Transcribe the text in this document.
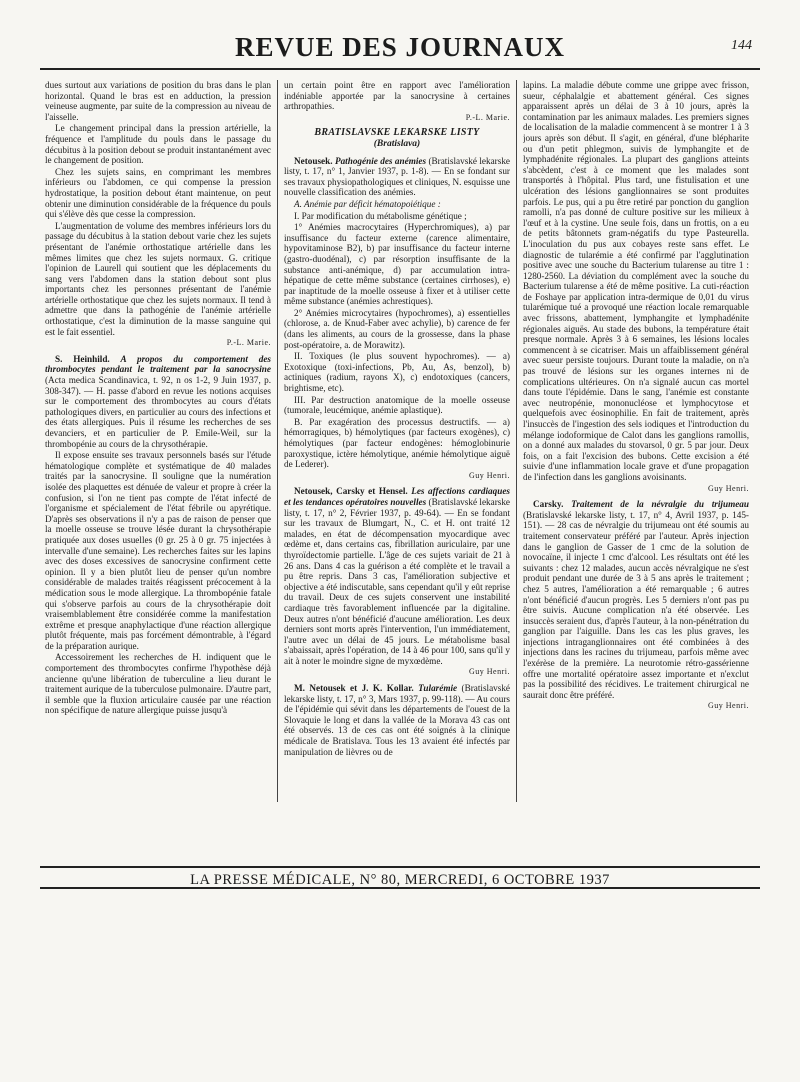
REVUE DES JOURNAUX	144

dues surtout aux variations de position du bras dans le plan horizontal. Quand le bras est en adduction, la pression veineuse augmente, par suite de la compression au niveau de l'aisselle.

Le changement principal dans la pression artérielle, la fréquence et l'amplitude du pouls dans le passage du décubitus à la position debout se produit instantanément avec le changement de position.

Chez les sujets sains, en comprimant les membres inférieurs ou l'abdomen, ce qui compense la pression hydrostatique, la position debout étant maintenue, on peut obtenir une diminution considérable de la fréquence du pouls qui s'élève dès que cesse la compression.

L'augmentation de volume des membres inférieurs lors du passage du décubitus à la station debout varie chez les sujets présentant de l'anémie orthostatique artérielle dans les mêmes limites que chez les sujets normaux. G. critique l'opinion de Laurell qui soutient que les déplacements du sang vers l'abdomen dans la station debout sont plus importants chez les personnes présentant de l'anémie artérielle orthostatique que chez les sujets normaux. Il tend à admettre que dans la pathogénie de l'anémie artérielle orthostatique, c'est la diminution de la masse sanguine qui est le fait essentiel.

P.-L. Marie.

S. Heinhild. A propos du comportement des thrombocytes pendant le traitement par la sanocrysine (Acta medica Scandinavica, t. 92, n os 1-2, 9 Juin 1937, p. 308-347). — H. passe d'abord en revue les notions acquises sur le comportement des thrombocytes au cours d'états pathologiques divers, en particulier au cours des infections et des états allergiques. Puis il résume les recherches de ses devanciers, et en particulier de P. Emile-Weil, sur la thrombopénie au cours de la chrysothérapie.

Il expose ensuite ses travaux personnels basés sur l'étude hématologique complète et systématique de 40 malades traités par la sanocrysine. Il souligne que la numération isolée des plaquettes est dénuée de valeur et propre à créer la confusion, si l'on ne tient pas compte de l'état infecté de l'organisme et spécialement de l'état fébrile ou apyrétique. D'après ses observations il n'y a pas de raison de penser que la moelle osseuse se trouve lésée durant la chrysothérapie pratiquée aux doses usuelles (0 gr. 25 à 0 gr. 75 injectées à intervalle d'une semaine). Les recherches faites sur les lapins avec des doses excessives de sanocrysine confirment cette opinion. Il y a bien plutôt lieu de penser qu'un nombre considérable de malades traités réagissent précocement à la médication sous le mode allergique. La thrombopénie fatale qui s'observe parfois au cours de la chrysothérapie doit vraisemblablement être considérée comme la manifestation extrême et presque anaphylactique d'une réaction allergique plutôt fréquente, mais pas forcément démontrable, à l'égard de la préparation aurique.

Accessoirement les recherches de H. indiquent que le comportement des thrombocytes confirme l'hypothèse déjà ancienne qu'une libération de tuberculine a lieu durant le traitement aurique de la tuberculose pulmonaire. D'autre part, il semble que la fluxion articulaire causée par une réaction non spécifique de nature allergique puisse jusqu'à

un certain point être en rapport avec l'amélioration indéniable apportée par la sanocrysine à certaines arthropathies.

P.-L. Marie.

BRATISLAVSKE LEKARSKE LISTY

(Bratislava)

Netousek. Pathogénie des anémies (Bratislavské lekarske listy, t. 17, n° 1, Janvier 1937, p. 1-8). — En se fondant sur ses travaux physiopathologiques et cliniques, N. esquisse une nouvelle classification des anémies.

A. Anémie par déficit hématopoiétique :

I. Par modification du métabolisme génétique ;

1° Anémies macrocytaires (Hyperchromiques), a) par insuffisance du facteur externe (carence alimentaire, hypovitaminose B2), b) par insuffisance du facteur interne (gastro-duodénal), c) par résorption insuffisante de la substance anti-anémique, d) par accumulation intra-hépatique de cette même substance (certaines cirrhoses), e) par inaptitude de la moelle osseuse à fixer et à utiliser cette même substance (anémies achrestiques).

2° Anémies microcytaires (hypochromes), a) essentielles (chlorose, a. de Knud-Faber avec achylie), b) carence de fer (dans les aliments, au cours de la grossesse, dans la phase post-opératoire, a. de Morawitz).

II. Toxiques (le plus souvent hypochromes). — a) Exotoxique (toxi-infections, Pb, Au, As, benzol), b) actiniques (radium, rayons X), c) endotoxiques (cancers, brightisme, etc).

III. Par destruction anatomique de la moelle osseuse (tumorale, leucémique, anémie aplastique).

B. Par exagération des processus destructifs. — a) hémorragiques, b) hémolytiques (par facteurs exogènes), c) hémolytiques (par facteur endogènes: hémoglobinurie paroxystique, ictère hémolytique, anémie hémolytique aiguë de Lederer).

Guy Henri.

Netousek, Carsky et Hensel. Les affections cardiaques et les tendances opératoires nouvelles (Bratislavské lekarske listy, t. 17, n° 2, Février 1937, p. 49-64). — En se fondant sur les travaux de Blumgart, N., C. et H. ont traité 12 malades, en état de décompensation myocardique avec œdème et, dans certains cas, fibrillation auriculaire, par une thyroïdectomie partielle. L'âge de ces sujets variait de 21 à 26 ans. Dans 4 cas la guérison a été complète et le travail a pu être repris. Dans 3 cas, l'amélioration subjective et objective a été indiscutable, sans cependant qu'il y eût reprise du travail. Deux de ces sujets conservent une instabilité cardiaque très favorablement influencée par la digitaline. Deux autres n'ont bénéficié d'aucune amélioration. Les deux derniers sont morts après l'intervention, l'un immédiatement, l'autre avec un délai de 45 jours. Le métabolisme basal s'abaissait, après l'opération, de 14 à 46 pour 100, sans qu'il y ait à noter le moindre signe de myxœdème.

Guy Henri.

M. Netousek et J. K. Kollar. Tularémie (Bratislavské lekarske listy, t. 17, n° 3, Mars 1937, p. 99-118). — Au cours de l'épidémie qui sévit dans les départements de l'ouest de la Slovaquie le long et dans la vallée de la Morava 43 cas ont été observés. 13 de ces cas ont été soignés à la clinique médicale de Bratislava. Tous les 13 avaient été infectés par manipulation de lièvres ou de

lapins. La maladie débute comme une grippe avec frisson, sueur, céphalalgie et abattement général. Ces signes apparaissent après un délai de 3 à 10 jours, après la contamination par les animaux malades. Les premiers signes de localisation de la maladie commencent à se montrer 1 à 3 jours après son début. Il s'agit, en général, d'une blépharite ou d'un petit phlegmon, suivis de lymphangite et de lymphadénite régionales. La plupart des ganglions atteints s'abcèdent, c'est à ce moment que les malades sont transportés à l'hôpital. Plus tard, une fistulisation et une ulcération des lésions ganglionnaires se sont produites parfois. Le pus, qui a pu être retiré par ponction du ganglion ramolli, n'a pas donné de culture positive sur les milieux à l'œuf et à la cystine. Une seule fois, dans un frottis, on a eu de petits bâtonnets gram-négatifs du type Pasteurella. L'inoculation du pus aux cobayes reste sans effet. Le diagnostic de tularémie a été confirmé par l'agglutination positive avec une souche du Bacterium tularense au titre 1 : 1280-2560. La déviation du complément avec la souche du Bacterium tularense a été de même positive. La cuti-réaction de Foshaye par application intra-dermique de 0,01 du virus tularémique tué a provoqué une réaction locale remarquable avec frissons, abattement, lymphangite et lymphadénite régionales aiguës. Au stade des bubons, la température était presque normale. Après 3 à 6 semaines, les lésions locales commencent à se cicatriser. Mais un affaiblissement général avec sueur persiste toujours. Durant toute la maladie, on n'a pas trouvé de lésions sur les organes internes ni de complications ultérieures. On n'a signalé aucun cas mortel dans toute l'épidémie. Dans le sang, l'anémie est constante avec neutropénie, mononucléose et lymphocytose et quelquefois avec éosinophilie. En fait de traitement, après l'insuccès de l'ingestion des sels iodiques et l'introduction du mélange iodoformique de Calot dans les ganglions ramollis, on a donné aux malades du stovarsol, 0 gr. 5 par jour. Deux fois, on a fait l'excision des bubons. Cette excision a été suivie d'une inflammation locale grave et d'une propagation de l'infection dans les ganglions avoisinants.

Guy Henri.

Carsky. Traitement de la névralgie du trijumeau (Bratislavské lekarske listy, t. 17, n° 4, Avril 1937, p. 145-151). — 28 cas de névralgie du trijumeau ont été soumis au traitement conservateur préféré par l'auteur. Après injection dans le ganglion de Gasser de 1 cmc de la solution de novocaïne, il injecte 1 cmc d'alcool. Les résultats ont été les suivants : chez 12 malades, aucun accès névralgique ne s'est produit pendant une durée de 3 à 5 ans après le traitement ; chez 5 autres, l'amélioration a été remarquable ; 6 autres n'ont bénéficié d'aucun progrès. Les 5 derniers n'ont pas pu être suivis. Aucune complication n'a été observée. Les insuccès seraient dus, d'après l'auteur, à la non-pénétration du ganglion par l'aiguille. Dans les cas les plus graves, les injections intraganglionnaires ont été combinées à des injections dans les racines du trijumeau, parfois même avec l'exérèse de la première. La neurotomie rétro-gassérienne offre une mortalité opératoire assez importante et n'exclut pas la possibilité des récidives. Le traitement chirurgical ne saurait donc être préféré.

Guy Henri.
LA PRESSE MÉDICALE, N° 80, MERCREDI, 6 OCTOBRE 1937
